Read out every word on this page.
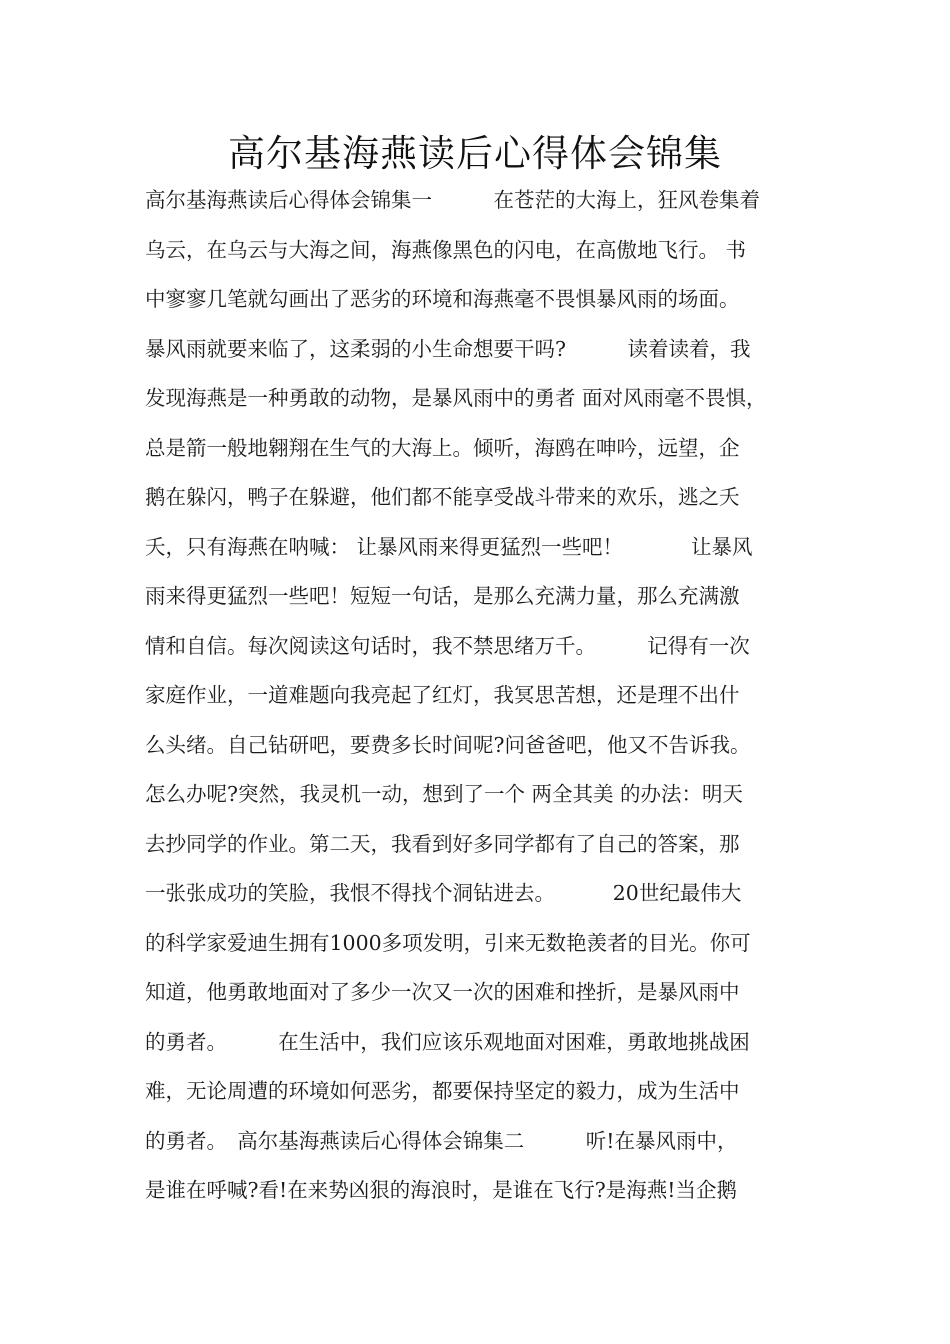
高尔基海燕读后心得体会锦集
高尔基海燕读后心得体会锦集一　　　在苍茫的大海上，狂风卷集着
乌云，在乌云与大海之间，海燕像黑色的闪电，在高傲地飞行。 书
中寥寥几笔就勾画出了恶劣的环境和海燕毫不畏惧暴风雨的场面。
暴风雨就要来临了，这柔弱的小生命想要干吗?　　　读着读着，我
发现海燕是一种勇敢的动物，是暴风雨中的勇者 面对风雨毫不畏惧，
总是箭一般地翱翔在生气的大海上。倾听，海鸥在呻吟，远望，企
鹅在躲闪，鸭子在躲避，他们都不能享受战斗带来的欢乐，逃之夭
夭，只有海燕在呐喊： 让暴风雨来得更猛烈一些吧！　　　 让暴风
雨来得更猛烈一些吧！短短一句话，是那么充满力量，那么充满激
情和自信。每次阅读这句话时，我不禁思绪万千。　　　记得有一次
家庭作业，一道难题向我亮起了红灯，我冥思苦想，还是理不出什
么头绪。自己钻研吧，要费多长时间呢?问爸爸吧，他又不告诉我。
怎么办呢?突然，我灵机一动，想到了一个 两全其美 的办法：明天
去抄同学的作业。第二天，我看到好多同学都有了自己的答案，那
一张张成功的笑脸，我恨不得找个洞钻进去。　　　 20世纪最伟大
的科学家爱迪生拥有1000多项发明，引来无数艳羡者的目光。你可
知道，他勇敢地面对了多少一次又一次的困难和挫折，是暴风雨中
的勇者。　　　在生活中，我们应该乐观地面对困难，勇敢地挑战困
难，无论周遭的环境如何恶劣，都要保持坚定的毅力，成为生活中
的勇者。　高尔基海燕读后心得体会锦集二　　　听!在暴风雨中，
是谁在呼喊?看!在来势凶狠的海浪时，是谁在飞行?是海燕!当企鹅
